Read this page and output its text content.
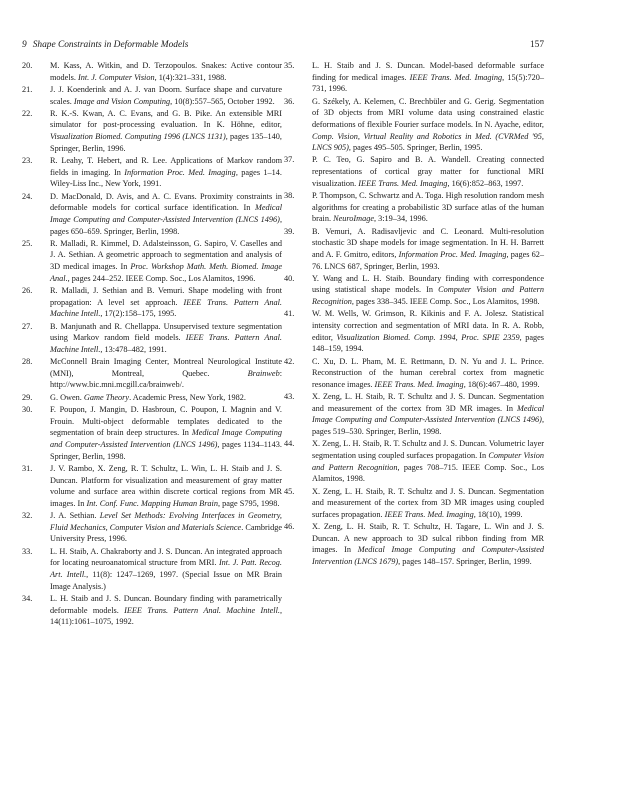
9 Shape Constraints in Deformable Models	157
20.	M. Kass, A. Witkin, and D. Terzopoulos. Snakes: Active contour models. Int. J. Computer Vision, 1(4):321–331, 1988.
21.	J. J. Koenderink and A. J. van Doorn. Surface shape and curvature scales. Image and Vision Computing, 10(8):557–565, October 1992.
22.	R. K.-S. Kwan, A. C. Evans, and G. B. Pike. An extensible MRI simulator for post-processing evaluation. In K. Höhne, editor, Visualization Biomed. Computing 1996 (LNCS 1131), pages 135–140, Springer, Berlin, 1996.
23.	R. Leahy, T. Hebert, and R. Lee. Applications of Markov random fields in imaging. In Information Proc. Med. Imaging, pages 1–14. Wiley-Liss Inc., New York, 1991.
24.	D. MacDonald, D. Avis, and A. C. Evans. Proximity constraints in deformable models for cortical surface identification. In Medical Image Computing and Computer-Assisted Intervention (LNCS 1496), pages 650–659. Springer, Berlin, 1998.
25.	R. Malladi, R. Kimmel, D. Adalsteinsson, G. Sapiro, V. Caselles and J. A. Sethian. A geometric approach to segmentation and analysis of 3D medical images. In Proc. Workshop Math. Meth. Biomed. Image Anal., pages 244–252. IEEE Comp. Soc., Los Alamitos, 1996.
26.	R. Malladi, J. Sethian and B. Vemuri. Shape modeling with front propagation: A level set approach. IEEE Trans. Pattern Anal. Machine Intell., 17(2):158–175, 1995.
27.	B. Manjunath and R. Chellappa. Unsupervised texture segmentation using Markov random field models. IEEE Trans. Pattern Anal. Machine Intell., 13:478–482, 1991.
28.	McConnell Brain Imaging Center, Montreal Neurological Institute (MNI), Montreal, Quebec. Brainweb: http://www.bic.mni.mcgill.ca/brainweb/.
29.	G. Owen. Game Theory. Academic Press, New York, 1982.
30.	F. Poupon, J. Mangin, D. Hasbroun, C. Poupon, I. Magnin and V. Frouin. Multi-object deformable templates dedicated to the segmentation of brain deep structures. In Medical Image Computing and Computer-Assisted Intervention (LNCS 1496), pages 1134–1143. Springer, Berlin, 1998.
31.	J. V. Rambo, X. Zeng, R. T. Schultz, L. Win, L. H. Staib and J. S. Duncan. Platform for visualization and measurement of gray matter volume and surface area within discrete cortical regions from MR images. In Int. Conf. Func. Mapping Human Brain, page S795, 1998.
32.	J. A. Sethian. Level Set Methods: Evolving Interfaces in Geometry, Fluid Mechanics, Computer Vision and Materials Science. Cambridge University Press, 1996.
33.	L. H. Staib, A. Chakraborty and J. S. Duncan. An integrated approach for locating neuroanatomical structure from MRI. Int. J. Patt. Recog. Art. Intell., 11(8): 1247–1269, 1997. (Special Issue on MR Brain Image Analysis.)
34.	L. H. Staib and J. S. Duncan. Boundary finding with parametrically deformable models. IEEE Trans. Pattern Anal. Machine Intell., 14(11):1061–1075, 1992.
35.	L. H. Staib and J. S. Duncan. Model-based deformable surface finding for medical images. IEEE Trans. Med. Imaging, 15(5):720–731, 1996.
36.	G. Székely, A. Kelemen, C. Brechbüler and G. Gerig. Segmentation of 3D objects from MRI volume data using constrained elastic deformations of flexible Fourier surface models. In N. Ayache, editor, Comp. Vision, Virtual Reality and Robotics in Med. (CVRMed '95, LNCS 905), pages 495–505. Springer, Berlin, 1995.
37.	P. C. Teo, G. Sapiro and B. A. Wandell. Creating connected representations of cortical gray matter for functional MRI visualization. IEEE Trans. Med. Imaging, 16(6):852–863, 1997.
38.	P. Thompson, C. Schwartz and A. Toga. High resolution random mesh algorithms for creating a probabilistic 3D surface atlas of the human brain. NeuroImage, 3:19–34, 1996.
39.	B. Vemuri, A. Radisavljevic and C. Leonard. Multi-resolution stochastic 3D shape models for image segmentation. In H. H. Barrett and A. F. Gmitro, editors, Information Proc. Med. Imaging, pages 62–76. LNCS 687, Springer, Berlin, 1993.
40.	Y. Wang and L. H. Staib. Boundary finding with correspondence using statistical shape models. In Computer Vision and Pattern Recognition, pages 338–345. IEEE Comp. Soc., Los Alamitos, 1998.
41.	W. M. Wells, W. Grimson, R. Kikinis and F. A. Jolesz. Statistical intensity correction and segmentation of MRI data. In R. A. Robb, editor, Visualization Biomed. Comp. 1994, Proc. SPIE 2359, pages 148–159, 1994.
42.	C. Xu, D. L. Pham, M. E. Rettmann, D. N. Yu and J. L. Prince. Reconstruction of the human cerebral cortex from magnetic resonance images. IEEE Trans. Med. Imaging, 18(6):467–480, 1999.
43.	X. Zeng, L. H. Staib, R. T. Schultz and J. S. Duncan. Segmentation and measurement of the cortex from 3D MR images. In Medical Image Computing and Computer-Assisted Intervention (LNCS 1496), pages 519–530. Springer, Berlin, 1998.
44.	X. Zeng, L. H. Staib, R. T. Schultz and J. S. Duncan. Volumetric layer segmentation using coupled surfaces propagation. In Computer Vision and Pattern Recognition, pages 708–715. IEEE Comp. Soc., Los Alamitos, 1998.
45.	X. Zeng, L. H. Staib, R. T. Schultz and J. S. Duncan. Segmentation and measurement of the cortex from 3D MR images using coupled surfaces propagation. IEEE Trans. Med. Imaging, 18(10), 1999.
46.	X. Zeng, L. H. Staib, R. T. Schultz, H. Tagare, L. Win and J. S. Duncan. A new approach to 3D sulcal ribbon finding from MR images. In Medical Image Computing and Computer-Assisted Intervention (LNCS 1679), pages 148–157. Springer, Berlin, 1999.
